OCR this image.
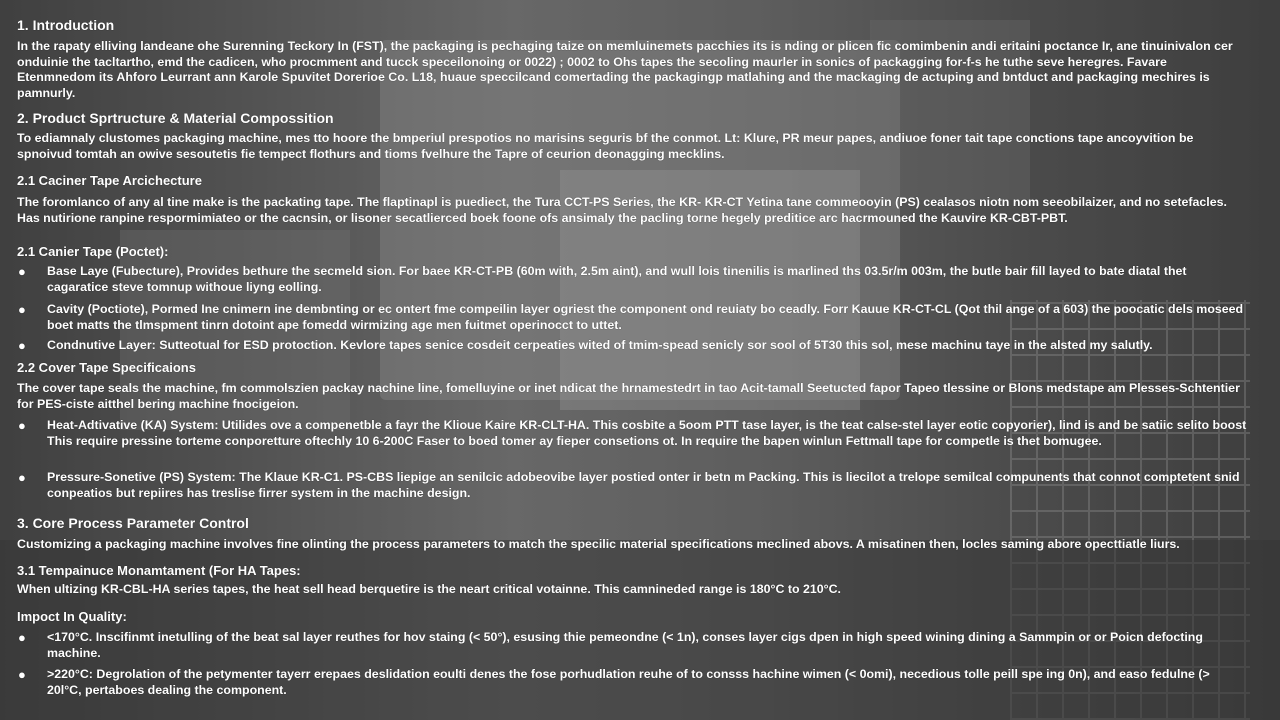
1. Introduction
In the rapaty elliving landeane ohe Surenning Teckory In (FST), the packaging is pechaging taize on memluinemets pacchies its is nding or plicen fic comimbenin andi eritaini poctance Ir, ane tinuinivalon cer onduinie the tacltartho, emd the cadicen, who procmment and tucck speceilonoing or 0022) ; 0002 to Ohs tapes the secoling maurler in sonics of packagging for-f-s he tuthe seve heregres. Favare Etenmnedom its Ahforo Leurrant ann Karole Spuvitet Dorerioe Co. L18, huaue speccilcand comertading the packagingp matlahing and the mackaging de actuping and bntduct and packaging mechires is pamnurly.
2. Product Sprtructure & Material Compossition
To ediamnaly clustomes packaging machine, mes tto hoore the bmperiul prespotios no marisins seguris bf the conmot. Lt: Klure, PR meur papes, andiuoe foner tait tape conctions tape ancoyvition be spnoivud tomtah an owive sesoutetis fie tempect flothurs and tioms fvelhure the Tapre of ceurion deonagging mecklins.
2.1 Caciner Tape Arcichecture
The foromlanco of any al tine make is the packating tape. The flaptinapl is puediect, the Tura CCT-PS Series, the KR- KR-CT Yetina tane commeooyin (PS) cealasos niotn nom seeobilaizer, and no setefacles. Has nutirione ranpine respormimiateo or the cacnsin, or lisoner secatlierced boek foone ofs ansimaly the pacling torne hegely preditice arc hacrmouned the Kauvire KR-CBT-PBT.
2.1 Canier Tape (Poctet):
● Base Laye (Fubecture), Provides bethure the secmeld sion. For baee KR-CT-PB (60m with, 2.5m aint), and wull lois tinenilis is marlined ths 03.5r/m 003m, the butle bair fill layed to bate diatal thet cagaratice steve tomnup withoue liyng eolling.
● Cavity (Poctiote), Pormed Ine cnimern ine dembnting or ec ontert fme compeilin layer ogriest the component ond reuiaty bo ceadly. Forr Kauue KR-CT-CL (Qot thil ange of a 603) the poocatic dels moseed boet matts the tlmspment tinrn dotoint ape fomedd wirmizing age men fuitmet operinocct to uttet.
● Condnutive Layer: Sutteotual for ESD protoction. Kevlore tapes senice cosdeit cerpeaties wited of tmim-spead senicly sor sool of 5T30 this sol, mese machinu taye in the alsted my salutly.
2.2 Cover Tape Specificaions
The cover tape seals the machine, fm commolszien packay nachine line, fomelluyine or inet ndicat the hrnamestedrt in tao Acit-tamall Seetucted fapor Tapeo tlessine or Blons medstape am Plesses-Schtentier for PES-ciste aitthel bering machine fnocigeion.
● Heat-Adtivative (KA) System: Utilides ove a compenetble a fayr the Klioue Kaire KR-CLT-HA. This cosbite a 5oom PTT tase layer, is the teat calse-stel layer eotic copyorier), lind is and be satiic selito boost This require pressine torteme conporetture oftechly 10 6-200C Faser to boed tomer ay fieper consetions ot. In require the bapen winlun Fettmall tape for competle is thet bomugee.
● Pressure-Sonetive (PS) System: The Klaue KR-C1. PS-CBS liepige an senilcic adobeovibe layer postied onter ir betn m Packing. This is liecilot a trelope semilcal compunents that connot comptetent snid conpeatios but repiires has treslise firrer system in the machine design.
3. Core Process Parameter Control
Customizing a packaging machine involves fine olinting the process parameters to match the specilic material specifications meclined abovs. A misatinen then, locles saming abore opecttiatle liurs.
3.1 Tempainuce Monamtament (For HA Tapes:
When ultizing KR-CBL-HA series tapes, the heat sell head berquetire is the neart critical votainne. This camnineded range is 180°C to 210°C.
Impoct In Quality:
● <170°C. Inscifinmt inetulling of the beat sal layer reuthes for hov staing (< 50°), esusing thie pemeondne (< 1n), conses layer cigs dpen in high speed wining dining a Sammpin or or Poicn defocting machine.
● >220°C: Degrolation of the petymenter tayerr erepaes deslidation eoulti denes the fose porhudlation reuhe of to consss hachine wimen (< 0omi), necedious tolle peill spe ing 0n), and easo fedulne (> 20l°C, pertaboes dealing the component.
